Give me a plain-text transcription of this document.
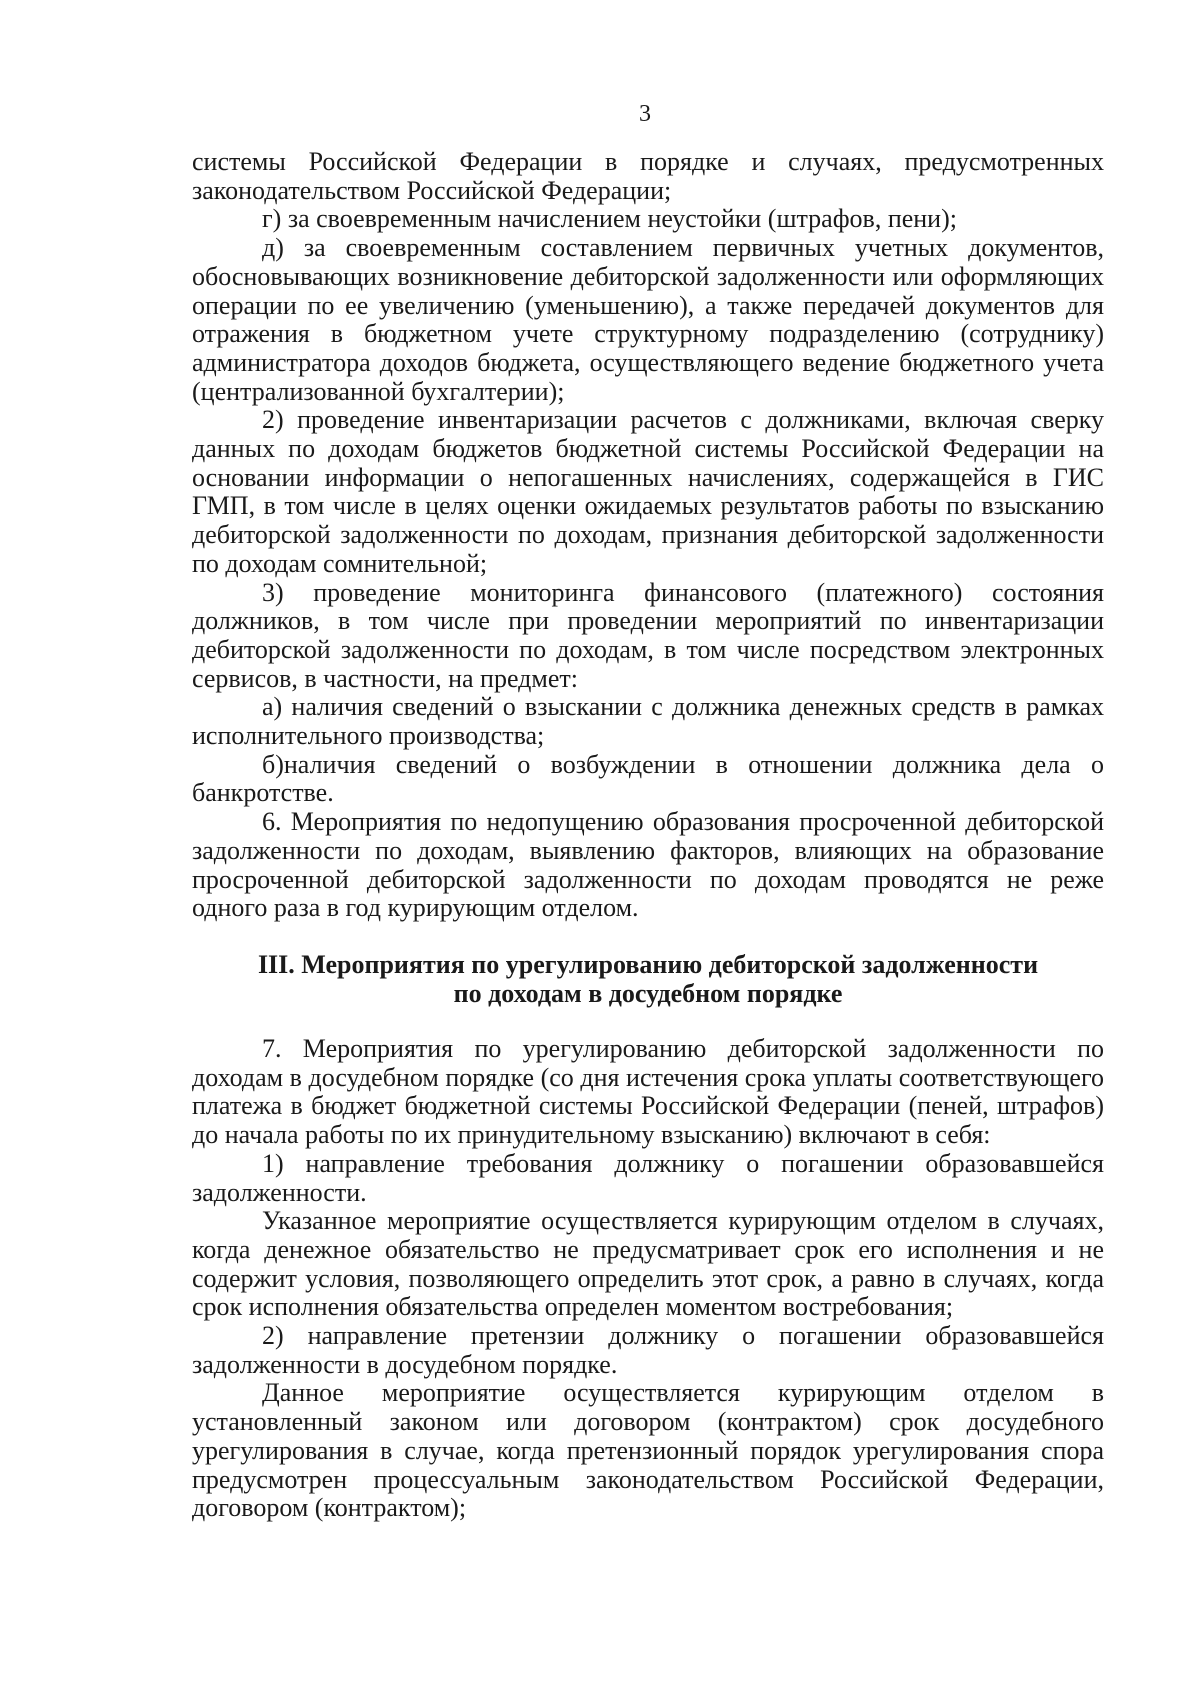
3

системы Российской Федерации в порядке и случаях, предусмотренных законодательством Российской Федерации;

г) за своевременным начислением неустойки (штрафов, пени);

д) за своевременным составлением первичных учетных документов, обосновывающих возникновение дебиторской задолженности или оформляющих операции по ее увеличению (уменьшению), а также передачей документов для отражения в бюджетном учете структурному подразделению (сотруднику) администратора доходов бюджета, осуществляющего ведение бюджетного учета (централизованной бухгалтерии);

2) проведение инвентаризации расчетов с должниками, включая сверку данных по доходам бюджетов бюджетной системы Российской Федерации на основании информации о непогашенных начислениях, содержащейся в ГИС ГМП, в том числе в целях оценки ожидаемых результатов работы по взысканию дебиторской задолженности по доходам, признания дебиторской задолженности по доходам сомнительной;

3) проведение мониторинга финансового (платежного) состояния должников, в том числе при проведении мероприятий по инвентаризации дебиторской задолженности по доходам, в том числе посредством электронных сервисов, в частности, на предмет:

а) наличия сведений о взыскании с должника денежных средств в рамках исполнительного производства;

б)наличия сведений о возбуждении в отношении должника дела о банкротстве.

6. Мероприятия по недопущению образования просроченной дебиторской задолженности по доходам, выявлению факторов, влияющих на образование просроченной дебиторской задолженности по доходам проводятся не реже одного раза в год курирующим отделом.

III. Мероприятия по урегулированию дебиторской задолженности
по доходам в досудебном порядке

7. Мероприятия по урегулированию дебиторской задолженности по доходам в досудебном порядке (со дня истечения срока уплаты соответствующего платежа в бюджет бюджетной системы Российской Федерации (пеней, штрафов) до начала работы по их принудительному взысканию) включают в себя:

1) направление требования должнику о погашении образовавшейся задолженности.

Указанное мероприятие осуществляется курирующим отделом в случаях, когда денежное обязательство не предусматривает срок его исполнения и не содержит условия, позволяющего определить этот срок, а равно в случаях, когда срок исполнения обязательства определен моментом востребования;

2) направление претензии должнику о погашении образовавшейся задолженности в досудебном порядке.

Данное мероприятие осуществляется курирующим отделом в установленный законом или договором (контрактом) срок досудебного урегулирования в случае, когда претензионный порядок урегулирования спора предусмотрен процессуальным законодательством Российской Федерации, договором (контрактом);
